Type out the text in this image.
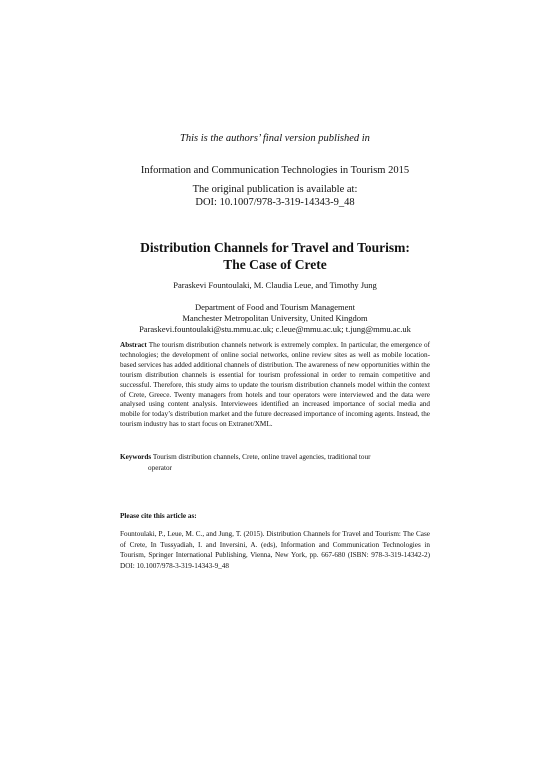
This is the authors’ final version published in
Information and Communication Technologies in Tourism 2015
The original publication is available at:
DOI: 10.1007/978-3-319-14343-9_48
Distribution Channels for Travel and Tourism:
The Case of Crete
Paraskevi Fountoulaki, M. Claudia Leue, and Timothy Jung
Department of Food and Tourism Management
Manchester Metropolitan University, United Kingdom
Paraskevi.fountoulaki@stu.mmu.ac.uk; c.leue@mmu.ac.uk; t.jung@mmu.ac.uk
Abstract The tourism distribution channels network is extremely complex. In particular, the emergence of technologies; the development of online social networks, online review sites as well as mobile location-based services has added additional channels of distribution. The awareness of new opportunities within the tourism distribution channels is essential for tourism professional in order to remain competitive and successful. Therefore, this study aims to update the tourism distribution channels model within the context of Crete, Greece. Twenty managers from hotels and tour operators were interviewed and the data were analysed using content analysis. Interviewees identified an increased importance of social media and mobile for today’s distribution market and the future decreased importance of incoming agents. Instead, the tourism industry has to start focus on Extranet/XML.
Keywords Tourism distribution channels, Crete, online travel agencies, traditional tour
operator
Please cite this article as:
Fountoulaki, P., Leue, M. C., and Jung, T. (2015). Distribution Channels for Travel and Tourism: The Case of Crete, In Tussyadiah, I. and Inversini, A. (eds), Information and Communication Technologies in Tourism, Springer International Publishing, Vienna, New York, pp. 667-680 (ISBN: 978-3-319-14342-2) DOI: 10.1007/978-3-319-14343-9_48
